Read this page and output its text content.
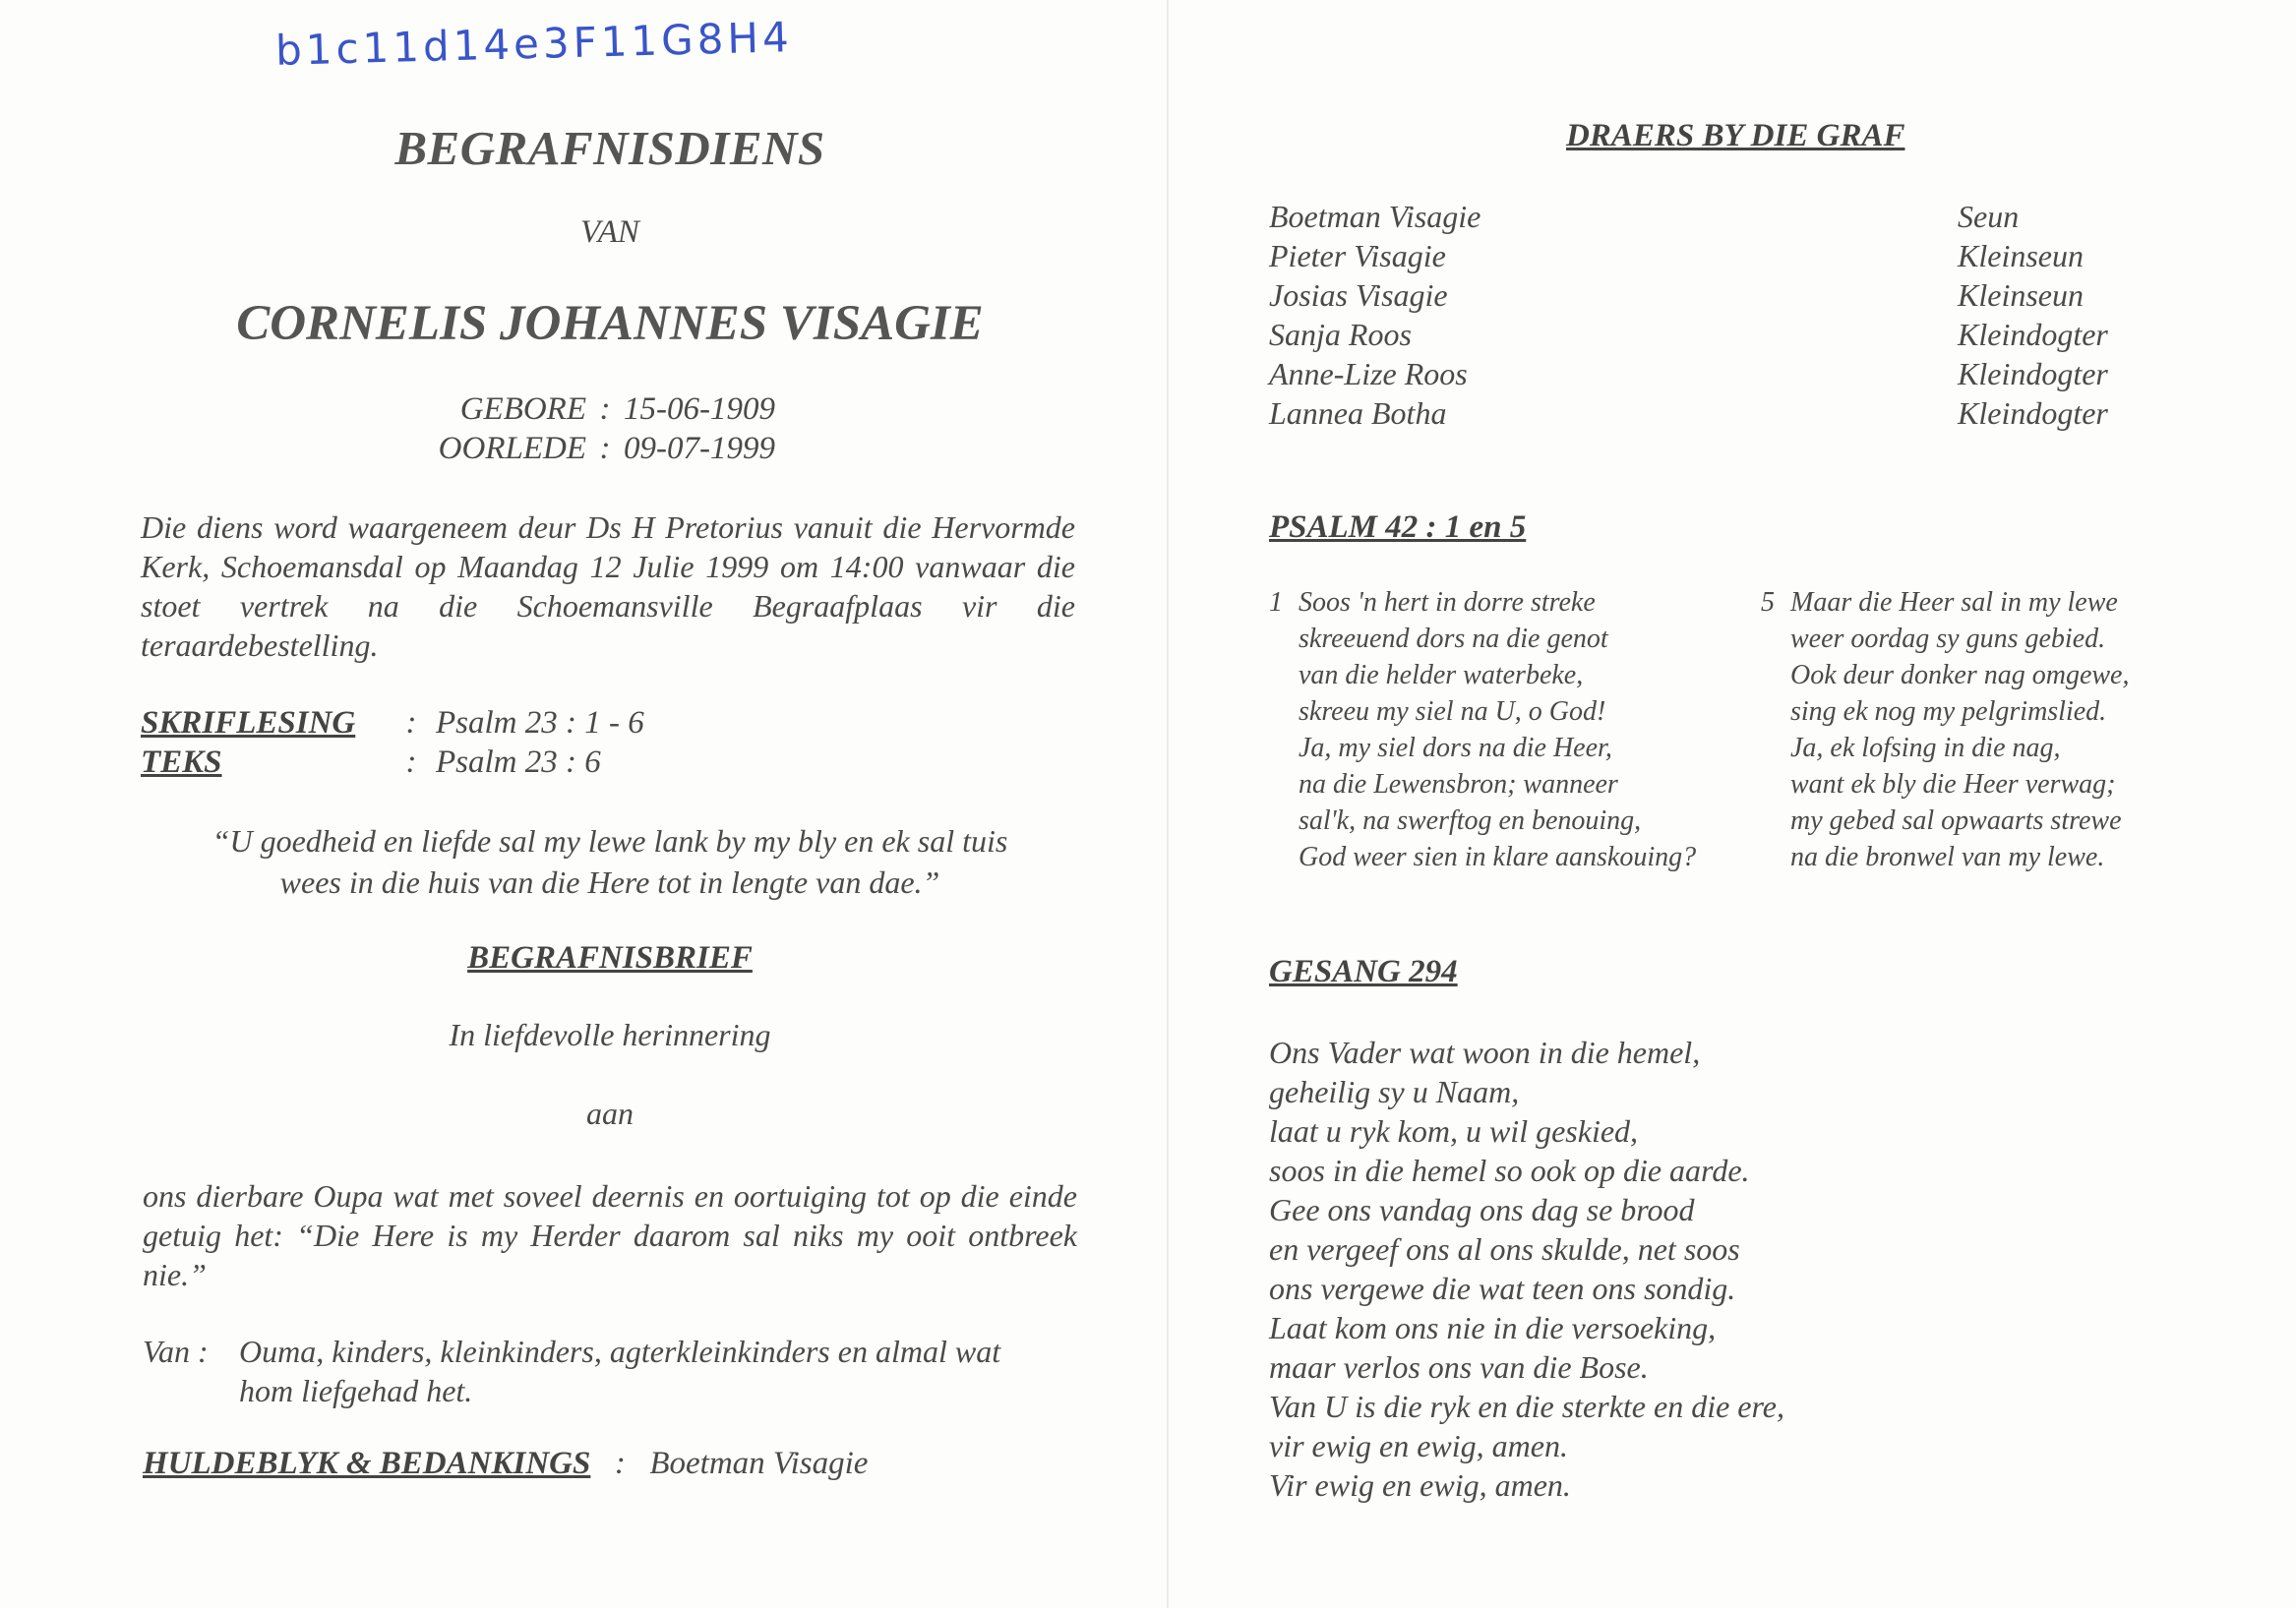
b1c11d14e3F11G8H4

BEGRAFNISDIENS

VAN

CORNELIS JOHANNES VISAGIE
GEBORE : 15-06-1909
OORLEDE : 09-07-1999

Die diens word waargeneem deur Ds H Pretorius vanuit die Hervormde Kerk, Schoemansdal op Maandag 12 Julie 1999 om 14:00 vanwaar die stoet vertrek na die Schoemansville Begraafplaas vir die teraardebestelling.

SKRIFLESING	: Psalm 23 : 1 - 6
TEKS	: Psalm 23 : 6

“U goedheid en liefde sal my lewe lank by my bly en ek sal tuis
wees in die huis van die Here tot in lengte van dae.”

BEGRAFNISBRIEF

In liefdevolle herinnering

aan

ons dierbare Oupa wat met soveel deernis en oortuiging tot op die einde getuig het: “Die Here is my Herder daarom sal niks my ooit ontbreek nie.”

Van : Ouma, kinders, kleinkinders, agterkleinkinders en almal wat
hom liefgehad het.
HULDEBLYK & BEDANKINGS : Boetman Visagie

DRAERS BY DIE GRAF

Boetman Visagie	Seun
Pieter Visagie	Kleinseun
Josias Visagie	Kleinseun
Sanja Roos	Kleindogter
Anne-Lize Roos	Kleindogter
Lannea Botha	Kleindogter

PSALM 42 : 1 en 5

1 Soos 'n hert in dorre streke
skreeuend dors na die genot
van die helder waterbeke,
skreeu my siel na U, o God!
Ja, my siel dors na die Heer,
na die Lewensbron; wanneer
sal'k, na swerftog en benouing,
God weer sien in klare aanskouing?
5 Maar die Heer sal in my lewe
weer oordag sy guns gebied.
Ook deur donker nag omgewe,
sing ek nog my pelgrimslied.
Ja, ek lofsing in die nag,
want ek bly die Heer verwag;
my gebed sal opwaarts strewe
na die bronwel van my lewe.

GESANG 294

Ons Vader wat woon in die hemel,
geheilig sy u Naam,
laat u ryk kom, u wil geskied,
soos in die hemel so ook op die aarde.
Gee ons vandag ons dag se brood
en vergeef ons al ons skulde, net soos
ons vergewe die wat teen ons sondig.
Laat kom ons nie in die versoeking,
maar verlos ons van die Bose.
Van U is die ryk en die sterkte en die ere,
vir ewig en ewig, amen.
Vir ewig en ewig, amen.
